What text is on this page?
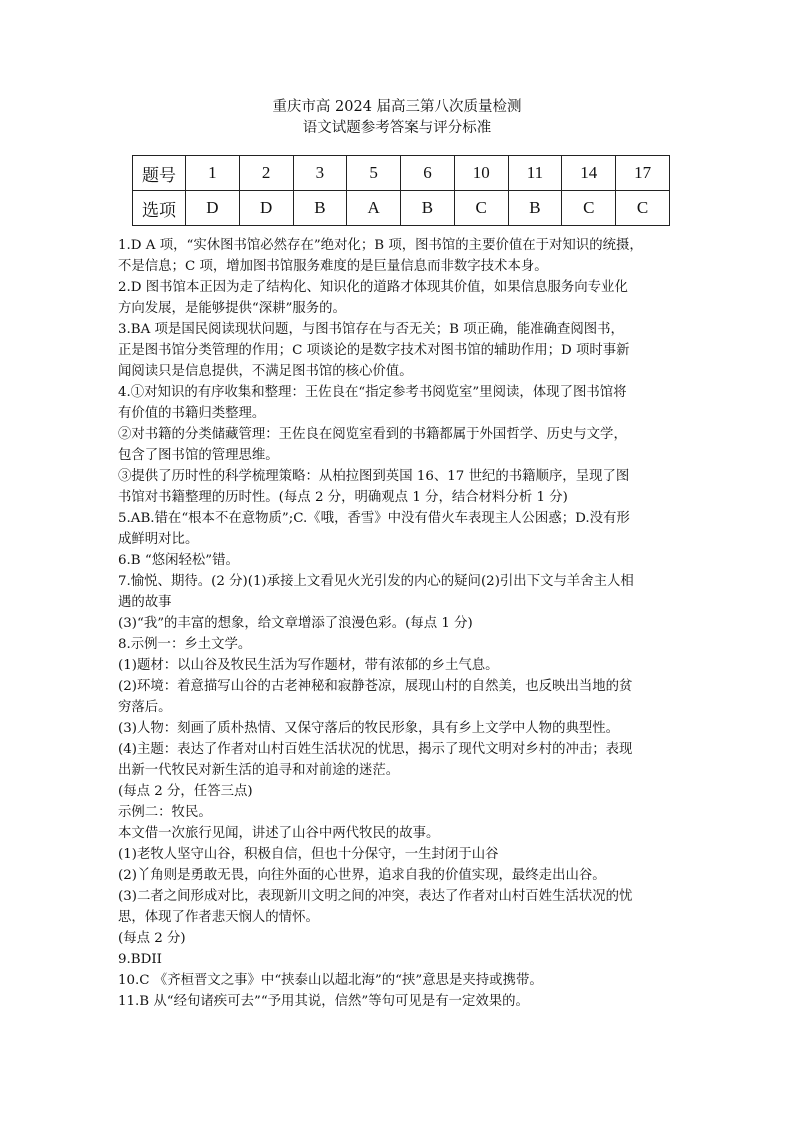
重庆市高 2024 届高三第八次质量检测
语文试题参考答案与评分标准
题号	1	2	3	5	6	10	11	14	17
选项	D	D	B	A	B	C	B	C	C
1.D A 项，“实休图书馆必然存在”绝对化；B 项，图书馆的主要价值在于对知识的统摄，
不是信息；C 项，增加图书馆服务难度的是巨量信息而非数字技术本身。
2.D 图书馆本正因为走了结构化、知识化的道路才体现其价值，如果信息服务向专业化
方向发展，是能够提供“深耕”服务的。
3.BA 项是国民阅读现状问题，与图书馆存在与否无关；B 项正确，能准确查阅图书，
正是图书馆分类管理的作用；C 项谈论的是数字技术对图书馆的辅助作用；D 项时事新
闻阅读只是信息提供，不满足图书馆的核心价值。
4.①对知识的有序收集和整理：王佐良在“指定参考书阅览室”里阅读，体现了图书馆将
有价值的书籍归类整理。
②对书籍的分类储藏管理：王佐良在阅览室看到的书籍都属于外国哲学、历史与文学，
包含了图书馆的管理思维。
③提供了历时性的科学梳理策略：从柏拉图到英国 16、17 世纪的书籍顺序，呈现了图
书馆对书籍整理的历时性。(每点 2 分，明确观点 1 分，结合材料分析 1 分)
5.AB.错在“根本不在意物质”;C.《哦，香雪》中没有借火车表现主人公困惑；D.没有形
成鲜明对比。
6.B “悠闲轻松”错。
7.愉悦、期待。(2 分)(1)承接上文看见火光引发的内心的疑问(2)引出下文与羊舍主人相
遇的故事
(3)“我”的丰富的想象，给文章增添了浪漫色彩。(每点 1 分)
8.示例一：乡土文学。
(1)题材：以山谷及牧民生活为写作题材，带有浓郁的乡土气息。
(2)环境：着意描写山谷的古老神秘和寂静苍凉，展现山村的自然美，也反映出当地的贫
穷落后。
(3)人物：刻画了质朴热情、又保守落后的牧民形象，具有乡上文学中人物的典型性。
(4)主题：表达了作者对山村百姓生活状况的忧思，揭示了现代文明对乡村的冲击；表现
出新一代牧民对新生活的追寻和对前途的迷茫。
(每点 2 分，任答三点)
示例二：牧民。
本文借一次旅行见闻，讲述了山谷中两代牧民的故事。
(1)老牧人坚守山谷，积极自信，但也十分保守，一生封闭于山谷
(2)丫角则是勇敢无畏，向往外面的心世界，追求自我的价值实现，最终走出山谷。
(3)二者之间形成对比，表现新川文明之间的冲突，表达了作者对山村百姓生活状况的忧
思，体现了作者悲天悯人的情怀。
(每点 2 分)
9.BDII
10.C 《齐桓晋文之事》中“挟泰山以超北海”的“挟”意思是夹持或携带。
11.B 从“经旬诸疾可去”“予用其说，信然”等句可见是有一定效果的。
